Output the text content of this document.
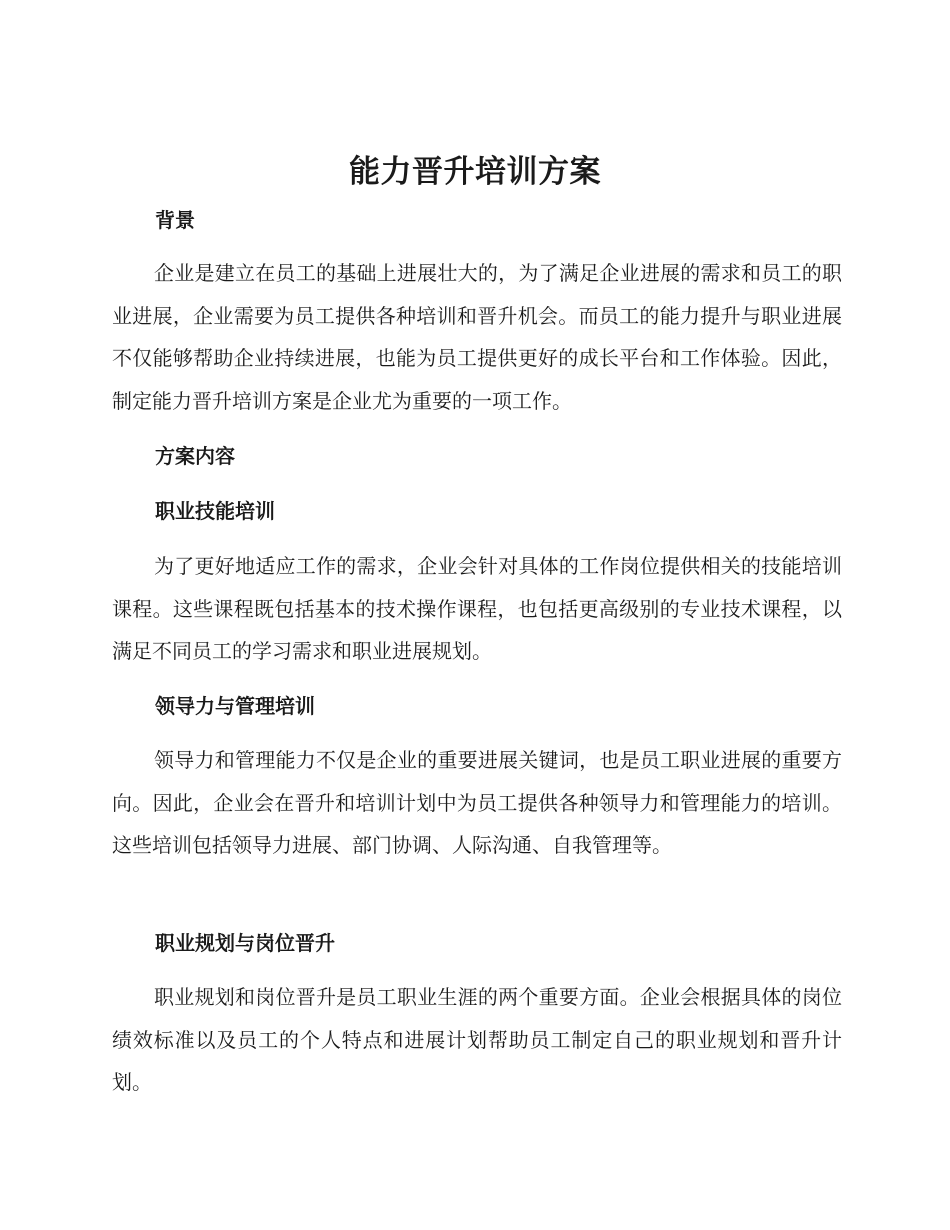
能力晋升培训方案
背景
企业是建立在员工的基础上进展壮大的，为了满足企业进展的需求和员工的职业进展，企业需要为员工提供各种培训和晋升机会。而员工的能力提升与职业进展不仅能够帮助企业持续进展，也能为员工提供更好的成长平台和工作体验。因此，制定能力晋升培训方案是企业尤为重要的一项工作。
方案内容
职业技能培训
为了更好地适应工作的需求，企业会针对具体的工作岗位提供相关的技能培训课程。这些课程既包括基本的技术操作课程，也包括更高级别的专业技术课程，以满足不同员工的学习需求和职业进展规划。
领导力与管理培训
领导力和管理能力不仅是企业的重要进展关键词，也是员工职业进展的重要方向。因此，企业会在晋升和培训计划中为员工提供各种领导力和管理能力的培训。这些培训包括领导力进展、部门协调、人际沟通、自我管理等。
职业规划与岗位晋升
职业规划和岗位晋升是员工职业生涯的两个重要方面。企业会根据具体的岗位绩效标准以及员工的个人特点和进展计划帮助员工制定自己的职业规划和晋升计划。
